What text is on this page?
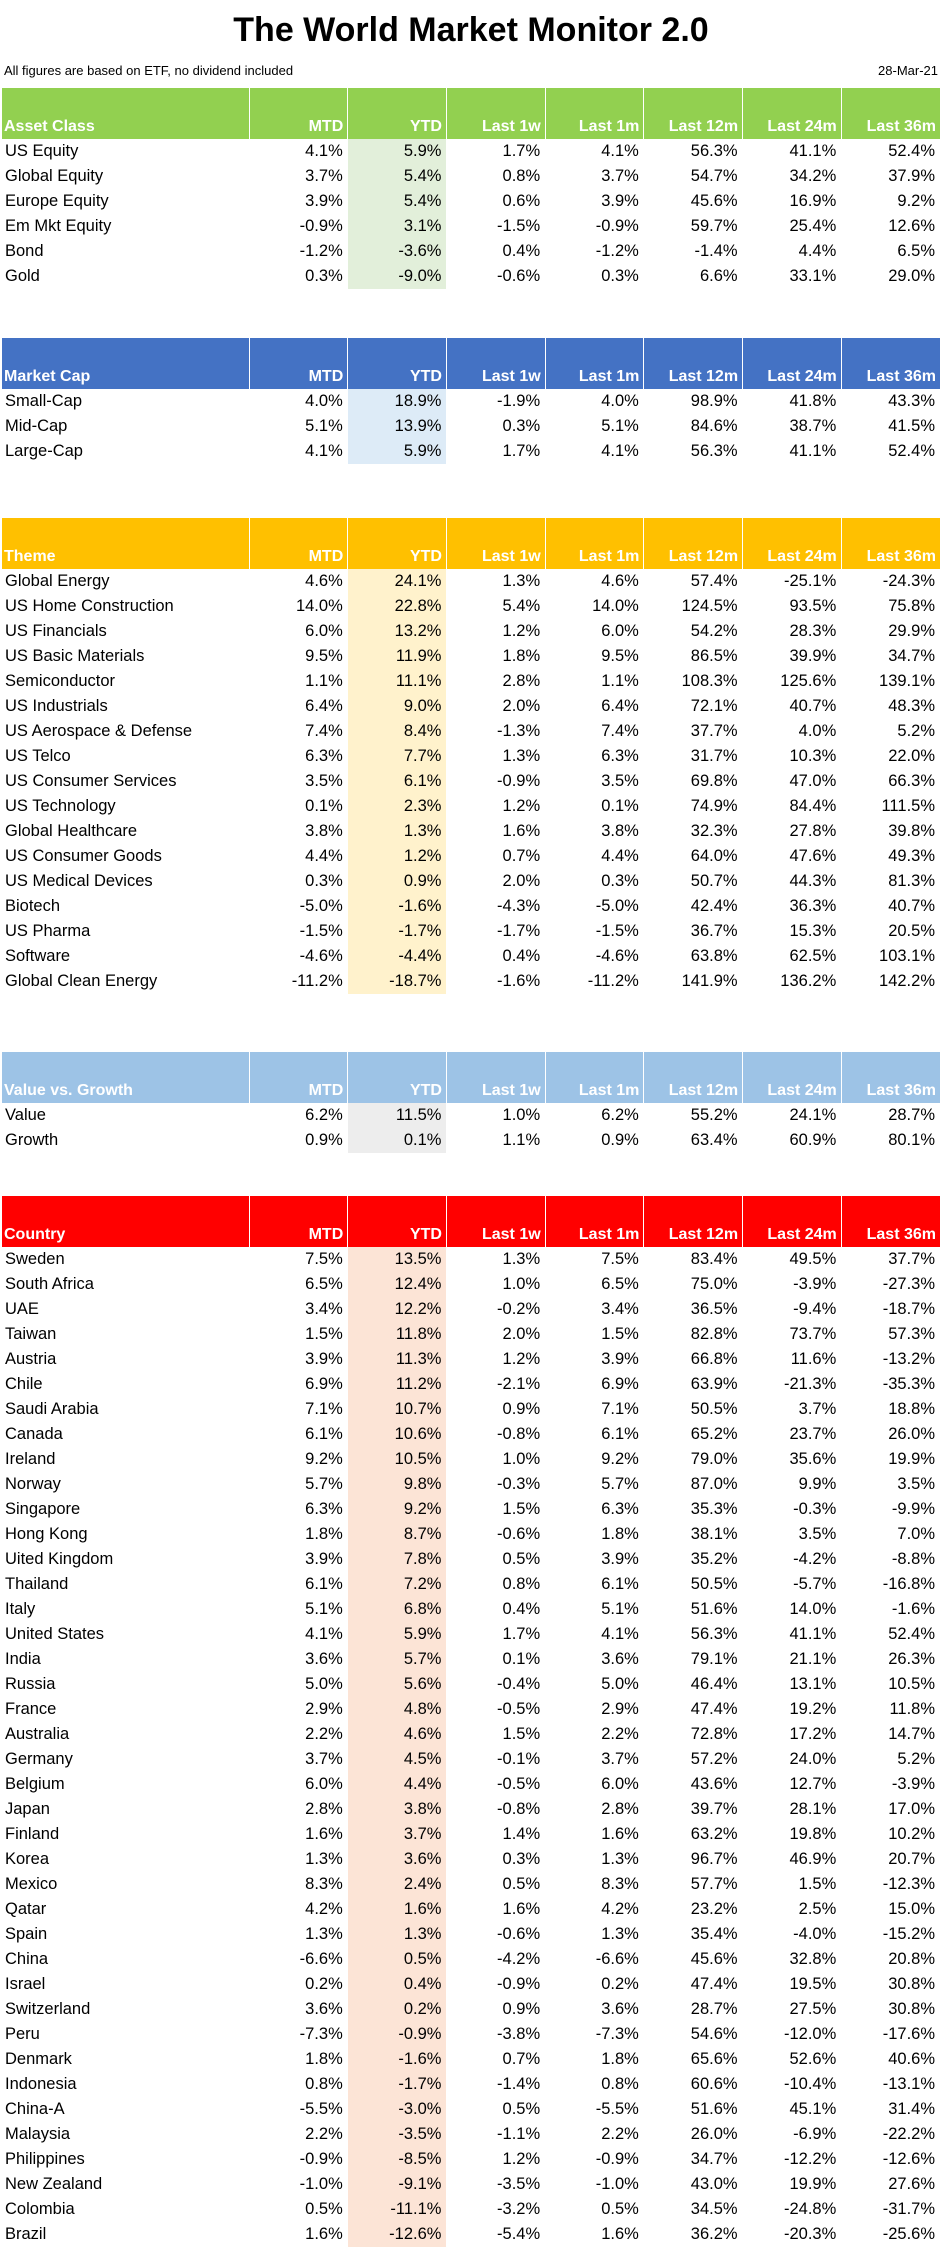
The World Market Monitor 2.0
All figures are based on ETF, no dividend included	28-Mar-21
Asset Class	MTD	YTD	Last 1w	Last 1m	Last 12m	Last 24m	Last 36m
US Equity	4.1%	5.9%	1.7%	4.1%	56.3%	41.1%	52.4%
Global Equity	3.7%	5.4%	0.8%	3.7%	54.7%	34.2%	37.9%
Europe Equity	3.9%	5.4%	0.6%	3.9%	45.6%	16.9%	9.2%
Em Mkt Equity	-0.9%	3.1%	-1.5%	-0.9%	59.7%	25.4%	12.6%
Bond	-1.2%	-3.6%	0.4%	-1.2%	-1.4%	4.4%	6.5%
Gold	0.3%	-9.0%	-0.6%	0.3%	6.6%	33.1%	29.0%
Market Cap	MTD	YTD	Last 1w	Last 1m	Last 12m	Last 24m	Last 36m
Small-Cap	4.0%	18.9%	-1.9%	4.0%	98.9%	41.8%	43.3%
Mid-Cap	5.1%	13.9%	0.3%	5.1%	84.6%	38.7%	41.5%
Large-Cap	4.1%	5.9%	1.7%	4.1%	56.3%	41.1%	52.4%
Theme	MTD	YTD	Last 1w	Last 1m	Last 12m	Last 24m	Last 36m
Global Energy	4.6%	24.1%	1.3%	4.6%	57.4%	-25.1%	-24.3%
US Home Construction	14.0%	22.8%	5.4%	14.0%	124.5%	93.5%	75.8%
US Financials	6.0%	13.2%	1.2%	6.0%	54.2%	28.3%	29.9%
US Basic Materials	9.5%	11.9%	1.8%	9.5%	86.5%	39.9%	34.7%
Semiconductor	1.1%	11.1%	2.8%	1.1%	108.3%	125.6%	139.1%
US Industrials	6.4%	9.0%	2.0%	6.4%	72.1%	40.7%	48.3%
US Aerospace & Defense	7.4%	8.4%	-1.3%	7.4%	37.7%	4.0%	5.2%
US Telco	6.3%	7.7%	1.3%	6.3%	31.7%	10.3%	22.0%
US Consumer Services	3.5%	6.1%	-0.9%	3.5%	69.8%	47.0%	66.3%
US Technology	0.1%	2.3%	1.2%	0.1%	74.9%	84.4%	111.5%
Global Healthcare	3.8%	1.3%	1.6%	3.8%	32.3%	27.8%	39.8%
US Consumer Goods	4.4%	1.2%	0.7%	4.4%	64.0%	47.6%	49.3%
US Medical Devices	0.3%	0.9%	2.0%	0.3%	50.7%	44.3%	81.3%
Biotech	-5.0%	-1.6%	-4.3%	-5.0%	42.4%	36.3%	40.7%
US Pharma	-1.5%	-1.7%	-1.7%	-1.5%	36.7%	15.3%	20.5%
Software	-4.6%	-4.4%	0.4%	-4.6%	63.8%	62.5%	103.1%
Global Clean Energy	-11.2%	-18.7%	-1.6%	-11.2%	141.9%	136.2%	142.2%
Value vs. Growth	MTD	YTD	Last 1w	Last 1m	Last 12m	Last 24m	Last 36m
Value	6.2%	11.5%	1.0%	6.2%	55.2%	24.1%	28.7%
Growth	0.9%	0.1%	1.1%	0.9%	63.4%	60.9%	80.1%
Country	MTD	YTD	Last 1w	Last 1m	Last 12m	Last 24m	Last 36m
Sweden	7.5%	13.5%	1.3%	7.5%	83.4%	49.5%	37.7%
South Africa	6.5%	12.4%	1.0%	6.5%	75.0%	-3.9%	-27.3%
UAE	3.4%	12.2%	-0.2%	3.4%	36.5%	-9.4%	-18.7%
Taiwan	1.5%	11.8%	2.0%	1.5%	82.8%	73.7%	57.3%
Austria	3.9%	11.3%	1.2%	3.9%	66.8%	11.6%	-13.2%
Chile	6.9%	11.2%	-2.1%	6.9%	63.9%	-21.3%	-35.3%
Saudi Arabia	7.1%	10.7%	0.9%	7.1%	50.5%	3.7%	18.8%
Canada	6.1%	10.6%	-0.8%	6.1%	65.2%	23.7%	26.0%
Ireland	9.2%	10.5%	1.0%	9.2%	79.0%	35.6%	19.9%
Norway	5.7%	9.8%	-0.3%	5.7%	87.0%	9.9%	3.5%
Singapore	6.3%	9.2%	1.5%	6.3%	35.3%	-0.3%	-9.9%
Hong Kong	1.8%	8.7%	-0.6%	1.8%	38.1%	3.5%	7.0%
Uited Kingdom	3.9%	7.8%	0.5%	3.9%	35.2%	-4.2%	-8.8%
Thailand	6.1%	7.2%	0.8%	6.1%	50.5%	-5.7%	-16.8%
Italy	5.1%	6.8%	0.4%	5.1%	51.6%	14.0%	-1.6%
United States	4.1%	5.9%	1.7%	4.1%	56.3%	41.1%	52.4%
India	3.6%	5.7%	0.1%	3.6%	79.1%	21.1%	26.3%
Russia	5.0%	5.6%	-0.4%	5.0%	46.4%	13.1%	10.5%
France	2.9%	4.8%	-0.5%	2.9%	47.4%	19.2%	11.8%
Australia	2.2%	4.6%	1.5%	2.2%	72.8%	17.2%	14.7%
Germany	3.7%	4.5%	-0.1%	3.7%	57.2%	24.0%	5.2%
Belgium	6.0%	4.4%	-0.5%	6.0%	43.6%	12.7%	-3.9%
Japan	2.8%	3.8%	-0.8%	2.8%	39.7%	28.1%	17.0%
Finland	1.6%	3.7%	1.4%	1.6%	63.2%	19.8%	10.2%
Korea	1.3%	3.6%	0.3%	1.3%	96.7%	46.9%	20.7%
Mexico	8.3%	2.4%	0.5%	8.3%	57.7%	1.5%	-12.3%
Qatar	4.2%	1.6%	1.6%	4.2%	23.2%	2.5%	15.0%
Spain	1.3%	1.3%	-0.6%	1.3%	35.4%	-4.0%	-15.2%
China	-6.6%	0.5%	-4.2%	-6.6%	45.6%	32.8%	20.8%
Israel	0.2%	0.4%	-0.9%	0.2%	47.4%	19.5%	30.8%
Switzerland	3.6%	0.2%	0.9%	3.6%	28.7%	27.5%	30.8%
Peru	-7.3%	-0.9%	-3.8%	-7.3%	54.6%	-12.0%	-17.6%
Denmark	1.8%	-1.6%	0.7%	1.8%	65.6%	52.6%	40.6%
Indonesia	0.8%	-1.7%	-1.4%	0.8%	60.6%	-10.4%	-13.1%
China-A	-5.5%	-3.0%	0.5%	-5.5%	51.6%	45.1%	31.4%
Malaysia	2.2%	-3.5%	-1.1%	2.2%	26.0%	-6.9%	-22.2%
Philippines	-0.9%	-8.5%	1.2%	-0.9%	34.7%	-12.2%	-12.6%
New Zealand	-1.0%	-9.1%	-3.5%	-1.0%	43.0%	19.9%	27.6%
Colombia	0.5%	-11.1%	-3.2%	0.5%	34.5%	-24.8%	-31.7%
Brazil	1.6%	-12.6%	-5.4%	1.6%	36.2%	-20.3%	-25.6%
